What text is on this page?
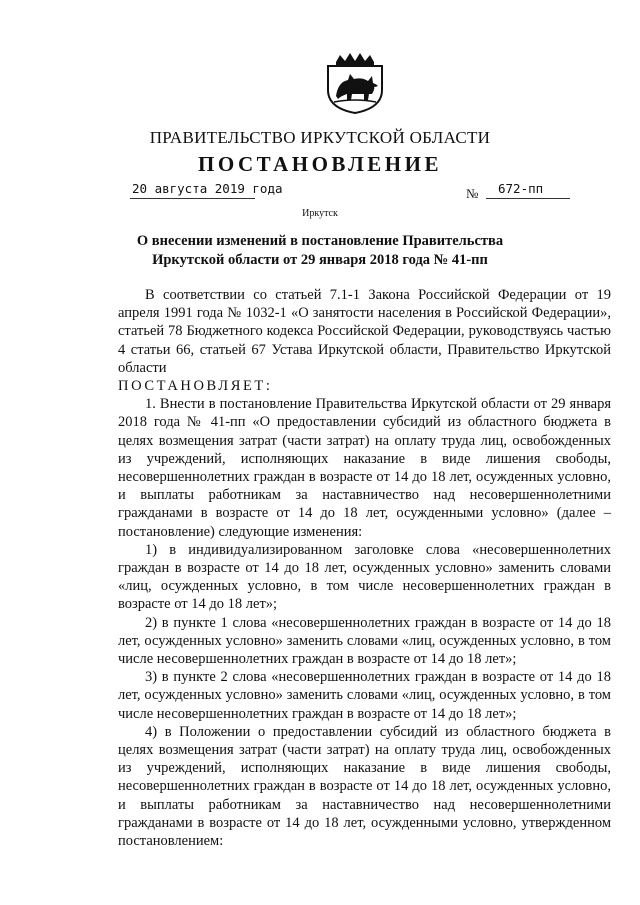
ПРАВИТЕЛЬСТВО ИРКУТСКОЙ ОБЛАСТИ
ПОСТАНОВЛЕНИЕ
20 августа 2019 года	№ 672-пп
Иркутск
О внесении изменений в постановление Правительства Иркутской области от 29 января 2018 года № 41-пп

В соответствии со статьей 7.1-1 Закона Российской Федерации от 19 апреля 1991 года № 1032-1 «О занятости населения в Российской Федерации», статьей 78 Бюджетного кодекса Российской Федерации, руководствуясь частью 4 статьи 66, статьей 67 Устава Иркутской области, Правительство Иркутской области

ПОСТАНОВЛЯЕТ:

1. Внести в постановление Правительства Иркутской области от 29 января 2018 года № 41-пп «О предоставлении субсидий из областного бюджета в целях возмещения затрат (части затрат) на оплату труда лиц, освобожденных из учреждений, исполняющих наказание в виде лишения свободы, несовершеннолетних граждан в возрасте от 14 до 18 лет, осужденных условно, и выплаты работникам за наставничество над несовершеннолетними гражданами в возрасте от 14 до 18 лет, осужденными условно» (далее – постановление) следующие изменения:

1) в индивидуализированном заголовке слова «несовершеннолетних граждан в возрасте от 14 до 18 лет, осужденных условно» заменить словами «лиц, осужденных условно, в том числе несовершеннолетних граждан в возрасте от 14 до 18 лет»;

2) в пункте 1 слова «несовершеннолетних граждан в возрасте от 14 до 18 лет, осужденных условно» заменить словами «лиц, осужденных условно, в том числе несовершеннолетних граждан в возрасте от 14 до 18 лет»;

3) в пункте 2 слова «несовершеннолетних граждан в возрасте от 14 до 18 лет, осужденных условно» заменить словами «лиц, осужденных условно, в том числе несовершеннолетних граждан в возрасте от 14 до 18 лет»;

4) в Положении о предоставлении субсидий из областного бюджета в целях возмещения затрат (части затрат) на оплату труда лиц, освобожденных из учреждений, исполняющих наказание в виде лишения свободы, несовершеннолетних граждан в возрасте от 14 до 18 лет, осужденных условно, и выплаты работникам за наставничество над несовершеннолетними гражданами в возрасте от 14 до 18 лет, осужденными условно, утвержденном постановлением:
